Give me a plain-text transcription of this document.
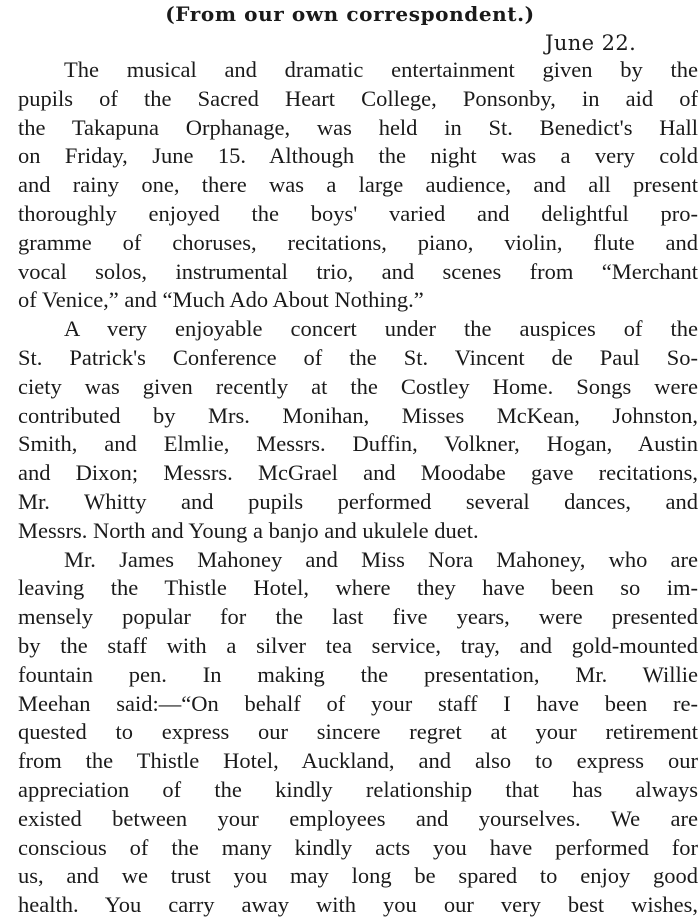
(From our own correspondent.)
June 22.
The musical and dramatic entertainment given by the
pupils of the Sacred Heart College, Ponsonby, in aid of
the Takapuna Orphanage, was held in St. Benedict's Hall
on Friday, June 15. Although the night was a very cold
and rainy one, there was a large audience, and all present
thoroughly enjoyed the boys' varied and delightful pro-
gramme of choruses, recitations, piano, violin, flute and
vocal solos, instrumental trio, and scenes from “Merchant
of Venice,” and “Much Ado About Nothing.”
A very enjoyable concert under the auspices of the
St. Patrick's Conference of the St. Vincent de Paul So-
ciety was given recently at the Costley Home. Songs were
contributed by Mrs. Monihan, Misses McKean, Johnston,
Smith, and Elmlie, Messrs. Duffin, Volkner, Hogan, Austin
and Dixon; Messrs. McGrael and Moodabe gave recitations,
Mr. Whitty and pupils performed several dances, and
Messrs. North and Young a banjo and ukulele duet.
Mr. James Mahoney and Miss Nora Mahoney, who are
leaving the Thistle Hotel, where they have been so im-
mensely popular for the last five years, were presented
by the staff with a silver tea service, tray, and gold-mounted
fountain pen. In making the presentation, Mr. Willie
Meehan said:—“On behalf of your staff I have been re-
quested to express our sincere regret at your retirement
from the Thistle Hotel, Auckland, and also to express our
appreciation of the kindly relationship that has always
existed between your employees and yourselves. We are
conscious of the many kindly acts you have performed for
us, and we trust you may long be spared to enjoy good
health. You carry away with you our very best wishes,
